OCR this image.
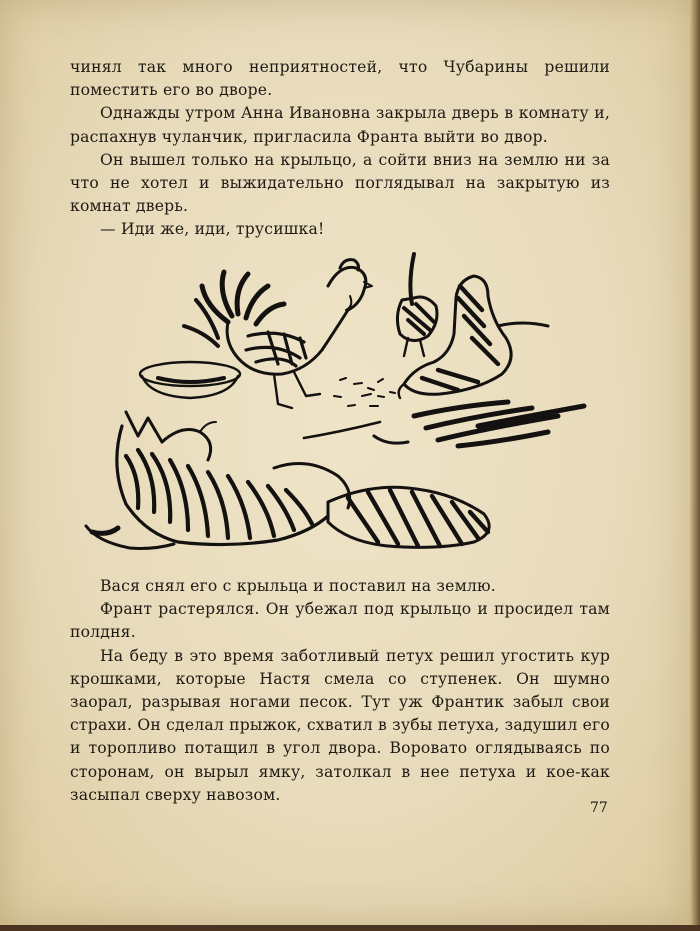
чинял так много неприятностей, что Чубарины решили поместить его во дворе.

Однажды утром Анна Ивановна закрыла дверь в комнату и, распахнув чуланчик, пригласила Франта выйти во двор.

Он вышел только на крыльцо, а сойти вниз на землю ни за что не хотел и выжидательно поглядывал на закрытую из комнат дверь.

— Иди же, иди, трусишка!

Вася снял его с крыльца и поставил на землю.

Франт растерялся. Он убежал под крыльцо и просидел там полдня.

На беду в это время заботливый петух решил угостить кур крошками, которые Настя смела со ступенек. Он шумно заорал, разрывая ногами песок. Тут уж Франтик забыл свои страхи. Он сделал прыжок, схватил в зубы петуха, задушил его и торопливо потащил в угол двора. Воровато оглядываясь по сторонам, он вырыл ямку, затолкал в нее петуха и кое-как засыпал сверху навозом.

77
